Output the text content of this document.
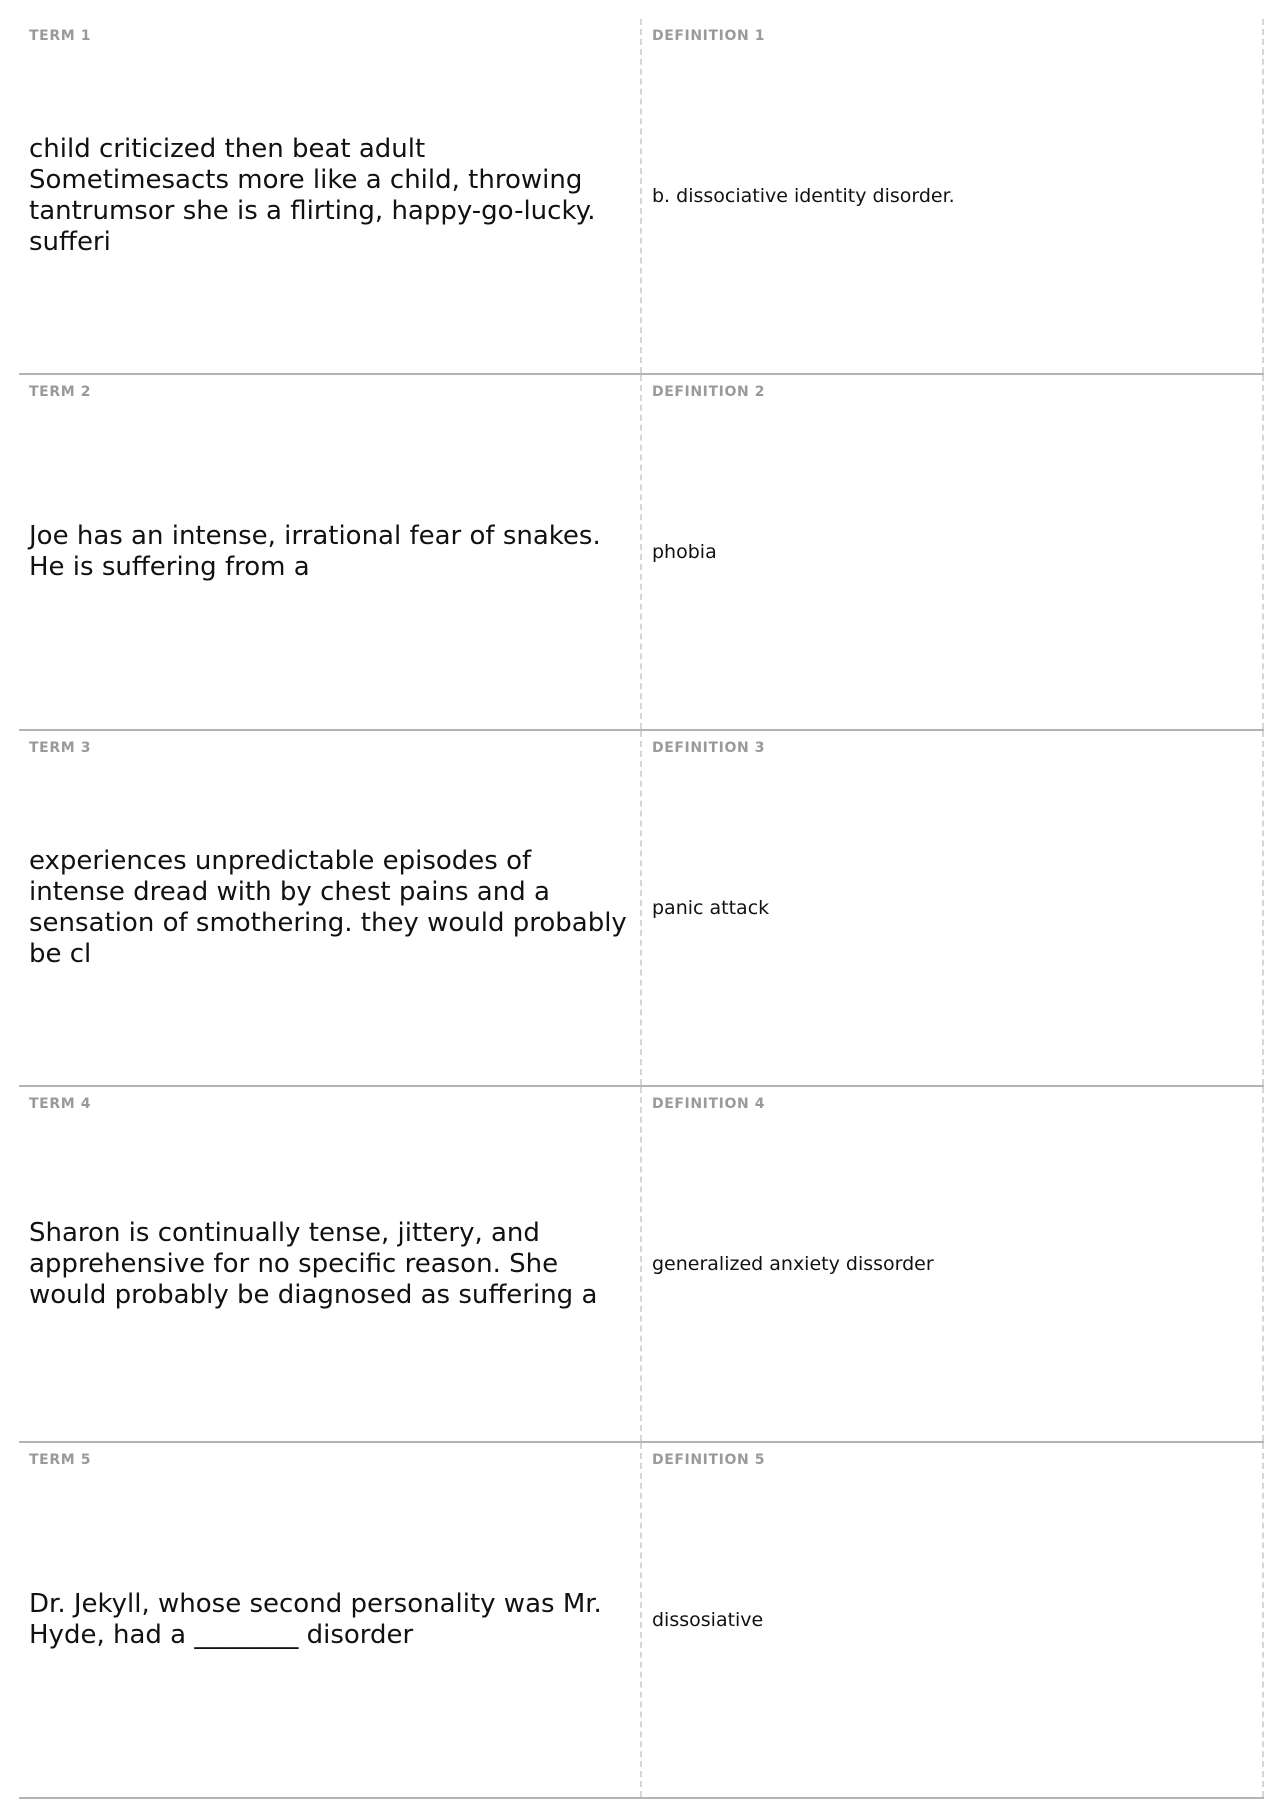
TERM 1
child criticized then beat adult Sometimesacts more like a child, throwing tantrumsor she is a flirting, happy-go-lucky. sufferi
DEFINITION 1
b. dissociative identity disorder.
TERM 2
Joe has an intense, irrational fear of snakes. He is suffering from a
DEFINITION 2
phobia
TERM 3
experiences unpredictable episodes of intense dread with by chest pains and a sensation of smothering. they would probably be cl
DEFINITION 3
panic attack
TERM 4
Sharon is continually tense, jittery, and apprehensive for no specific reason. She would probably be diagnosed as suffering a
DEFINITION 4
generalized anxiety dissorder
TERM 5
Dr. Jekyll, whose second personality was Mr. Hyde, had a ________ disorder
DEFINITION 5
dissosiative
